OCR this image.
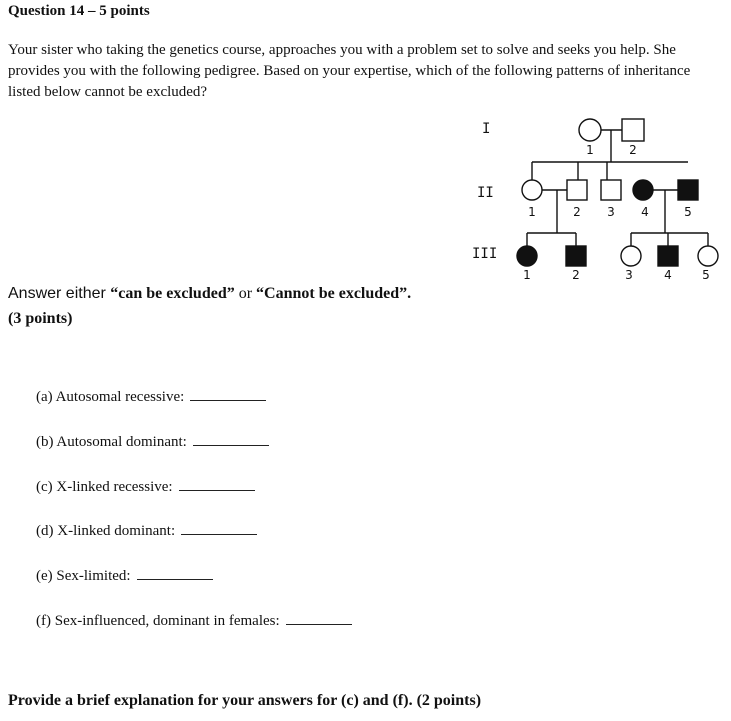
Question 14 – 5 points
Your sister who taking the genetics course, approaches you with a problem set to solve and seeks you help. She provides you with the following pedigree. Based on your expertise, which of the following patterns of inheritance listed below cannot be excluded?
I
II
III
1	2
1	2 3 4	5
1	2	3	4	5
Answer either “can be excluded” or “Cannot be excluded”.
(3 points)
(a) Autosomal recessive:
(b) Autosomal dominant:
(c) X-linked recessive:
(d) X-linked dominant:
(e) Sex-limited:
(f) Sex-influenced, dominant in females:
Provide a brief explanation for your answers for (c) and (f). (2 points)
